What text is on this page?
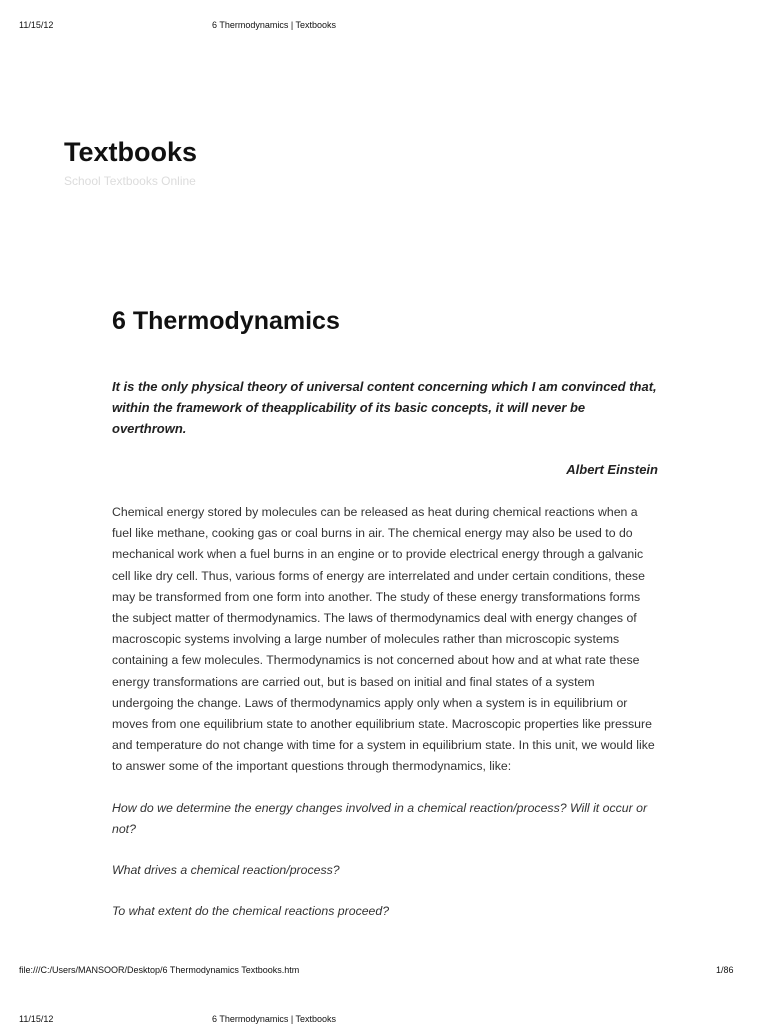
11/15/12	6 Thermodynamics | Textbooks
Textbooks
School Textbooks Online
6 Thermodynamics

It is the only physical theory of universal content concerning which I am convinced that, within the framework of theapplicability of its basic concepts, it will never be overthrown.

Albert Einstein

Chemical energy stored by molecules can be released as heat during chemical reactions when a fuel like methane, cooking gas or coal burns in air. The chemical energy may also be used to do mechanical work when a fuel burns in an engine or to provide electrical energy through a galvanic cell like dry cell. Thus, various forms of energy are interrelated and under certain conditions, these may be transformed from one form into another. The study of these energy transformations forms the subject matter of thermodynamics. The laws of thermodynamics deal with energy changes of macroscopic systems involving a large number of molecules rather than microscopic systems containing a few molecules. Thermodynamics is not concerned about how and at what rate these energy transformations are carried out, but is based on initial and final states of a system undergoing the change. Laws of thermodynamics apply only when a system is in equilibrium or moves from one equilibrium state to another equilibrium state. Macroscopic properties like pressure and temperature do not change with time for a system in equilibrium state. In this unit, we would like to answer some of the important questions through thermodynamics, like:

How do we determine the energy changes involved in a chemical reaction/process? Will it occur or not?

What drives a chemical reaction/process?

To what extent do the chemical reactions proceed?

file:///C:/Users/MANSOOR/Desktop/6 Thermodynamics Textbooks.htm	1/86
11/15/12	6 Thermodynamics | Textbooks
